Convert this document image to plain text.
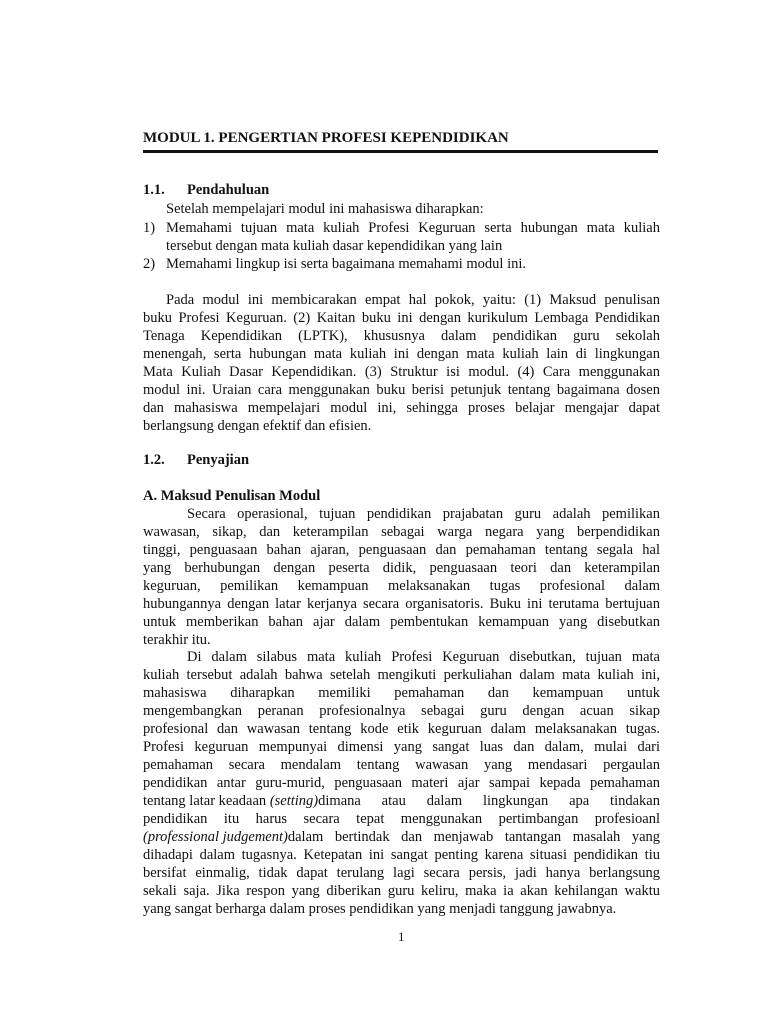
MODUL 1. PENGERTIAN PROFESI KEPENDIDIKAN
1.1. Pendahuluan
Setelah mempelajari modul ini mahasiswa diharapkan:
1) Memahami tujuan mata kuliah Profesi Keguruan serta hubungan mata kuliah
tersebut dengan mata kuliah dasar kependidikan yang lain
2) Memahami lingkup isi serta bagaimana memahami modul ini.
Pada modul ini membicarakan empat hal pokok, yaitu: (1) Maksud penulisan
buku Profesi Keguruan. (2) Kaitan buku ini dengan kurikulum Lembaga Pendidikan
Tenaga Kependidikan (LPTK), khususnya dalam pendidikan guru sekolah
menengah, serta hubungan mata kuliah ini dengan mata kuliah lain di lingkungan
Mata Kuliah Dasar Kependidikan. (3) Struktur isi modul. (4) Cara menggunakan
modul ini. Uraian cara menggunakan buku berisi petunjuk tentang bagaimana dosen
dan mahasiswa mempelajari modul ini, sehingga proses belajar mengajar dapat
berlangsung dengan efektif dan efisien.
1.2. Penyajian
A. Maksud Penulisan Modul
Secara operasional, tujuan pendidikan prajabatan guru adalah pemilikan
wawasan, sikap, dan keterampilan sebagai warga negara yang berpendidikan
tinggi, penguasaan bahan ajaran, penguasaan dan pemahaman tentang segala hal
yang berhubungan dengan peserta didik, penguasaan teori dan keterampilan
keguruan, pemilikan kemampuan melaksanakan tugas profesional dalam
hubungannya dengan latar kerjanya secara organisatoris. Buku ini terutama bertujuan
untuk memberikan bahan ajar dalam pembentukan kemampuan yang disebutkan
terakhir itu.
Di dalam silabus mata kuliah Profesi Keguruan disebutkan, tujuan mata
kuliah tersebut adalah bahwa setelah mengikuti perkuliahan dalam mata kuliah ini,
mahasiswa diharapkan memiliki pemahaman dan kemampuan untuk
mengembangkan peranan profesionalnya sebagai guru dengan acuan sikap
profesional dan wawasan tentang kode etik keguruan dalam melaksanakan tugas.
Profesi keguruan mempunyai dimensi yang sangat luas dan dalam, mulai dari
pemahaman secara mendalam tentang wawasan yang mendasari pergaulan
pendidikan antar guru-murid, penguasaan materi ajar sampai kepada pemahaman
tentang latar keadaan (setting) dimana atau dalam lingkungan apa tindakan
pendidikan itu harus secara tepat menggunakan pertimbangan profesioanl
(professional judgement) dalam bertindak dan menjawab tantangan masalah yang
dihadapi dalam tugasnya. Ketepatan ini sangat penting karena situasi pendidikan tiu
bersifat einmalig, tidak dapat terulang lagi secara persis, jadi hanya berlangsung
sekali saja. Jika respon yang diberikan guru keliru, maka ia akan kehilangan waktu
yang sangat berharga dalam proses pendidikan yang menjadi tanggung jawabnya.
1
